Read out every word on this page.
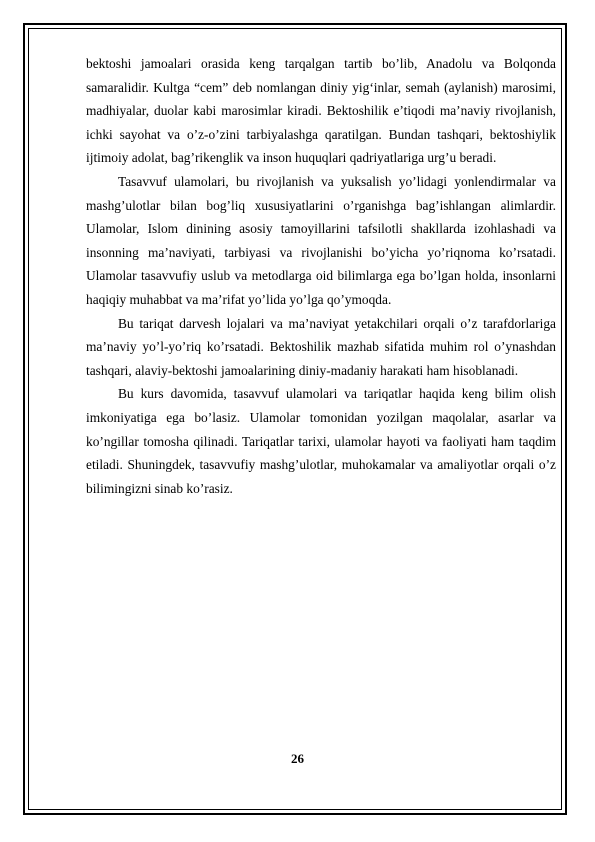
bektoshi jamoalari orasida keng tarqalgan tartib bo’lib, Anadolu va Bolqonda samaralidir. Kultga “cem” deb nomlangan diniy yig‘inlar, semah (aylanish) marosimi, madhiyalar, duolar kabi marosimlar kiradi. Bektoshilik e’tiqodi ma’naviy rivojlanish, ichki sayohat va o’z-o’zini tarbiyalashga qaratilgan. Bundan tashqari, bektoshiylik ijtimoiy adolat, bag’rikenglik va inson huquqlari qadriyatlariga urg’u beradi.

Tasavvuf ulamolari, bu rivojlanish va yuksalish yo’lidagi yonlendirmalar va mashg’ulotlar bilan bog’liq xususiyatlarini o’rganishga bag’ishlangan alimlardir. Ulamolar, Islom dinining asosiy tamoyillarini tafsilotli shakllarda izohlashadi va insonning ma’naviyati, tarbiyasi va rivojlanishi bo’yicha yo’riqnoma ko’rsatadi. Ulamolar tasavvufiy uslub va metodlarga oid bilimlarga ega bo’lgan holda, insonlarni haqiqiy muhabbat va ma’rifat yo’lida yo’lga qo’ymoqda.

Bu tariqat darvesh lojalari va ma’naviyat yetakchilari orqali o’z tarafdorlariga ma’naviy yo’l-yo’riq ko’rsatadi. Bektoshilik mazhab sifatida muhim rol o’ynashdan tashqari, alaviy-bektoshi jamoalarining diniy-madaniy harakati ham hisoblanadi.

Bu kurs davomida, tasavvuf ulamolari va tariqatlar haqida keng bilim olish imkoniyatiga ega bo’lasiz. Ulamolar tomonidan yozilgan maqolalar, asarlar va ko’ngillar tomosha qilinadi. Tariqatlar tarixi, ulamolar hayoti va faoliyati ham taqdim etiladi. Shuningdek, tasavvufiy mashg’ulotlar, muhokamalar va amaliyotlar orqali o’z bilimingizni sinab ko’rasiz.

26
